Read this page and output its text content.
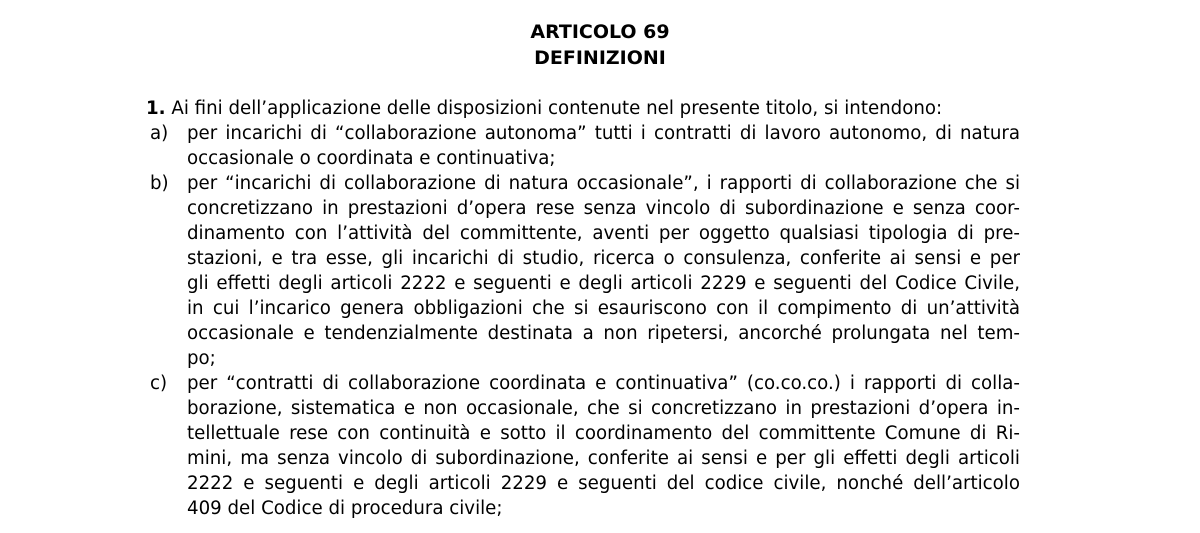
ARTICOLO 69
DEFINIZIONI
1. Ai fini dell’applicazione delle disposizioni contenute nel presente titolo, si intendono:
a) per incarichi di “collaborazione autonoma” tutti i contratti di lavoro autonomo, di natura
occasionale o coordinata e continuativa;
b) per “incarichi di collaborazione di natura occasionale”, i rapporti di collaborazione che si
concretizzano in prestazioni d’opera rese senza vincolo di subordinazione e senza coor-
dinamento con l’attività del committente, aventi per oggetto qualsiasi tipologia di pre-
stazioni, e tra esse, gli incarichi di studio, ricerca o consulenza, conferite ai sensi e per
gli effetti degli articoli 2222 e seguenti e degli articoli 2229 e seguenti del Codice Civile,
in cui l’incarico genera obbligazioni che si esauriscono con il compimento di un’attività
occasionale e tendenzialmente destinata a non ripetersi, ancorché prolungata nel tem-
po;
c) per “contratti di collaborazione coordinata e continuativa” (co.co.co.) i rapporti di colla-
borazione, sistematica e non occasionale, che si concretizzano in prestazioni d’opera in-
tellettuale rese con continuità e sotto il coordinamento del committente Comune di Ri-
mini, ma senza vincolo di subordinazione, conferite ai sensi e per gli effetti degli articoli
2222 e seguenti e degli articoli 2229 e seguenti del codice civile, nonché dell’articolo
409 del Codice di procedura civile;
